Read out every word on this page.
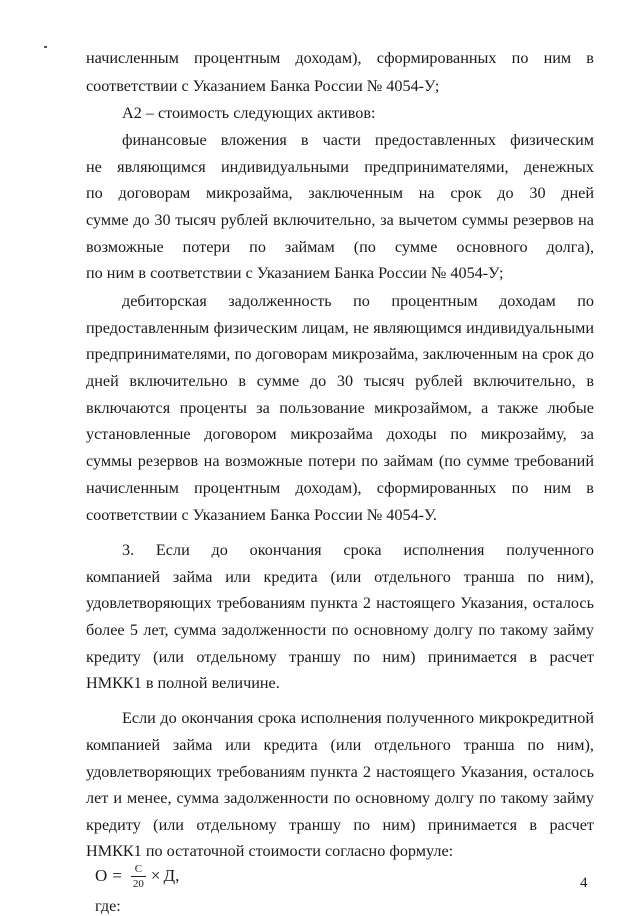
начисленным процентным доходам), сформированных по ним в
соответствии с Указанием Банка России № 4054-У;
А2 – стоимость следующих активов:
финансовые вложения в части предоставленных физическим
не являющимся индивидуальными предпринимателями, денежных
по договорам микрозайма, заключенным на срок до 30 дней
сумме до 30 тысяч рублей включительно, за вычетом суммы резервов на
возможные потери по займам (по сумме основного долга),
по ним в соответствии с Указанием Банка России № 4054-У;
дебиторская задолженность по процентным доходам по
предоставленным физическим лицам, не являющимся индивидуальными
предпринимателями, по договорам микрозайма, заключенным на срок до
дней включительно в сумме до 30 тысяч рублей включительно, в
включаются проценты за пользование микрозаймом, а также любые
установленные договором микрозайма доходы по микрозайму, за
суммы резервов на возможные потери по займам (по сумме требований
начисленным процентным доходам), сформированных по ним в
соответствии с Указанием Банка России № 4054-У.
3. Если до окончания срока исполнения полученного
компанией займа или кредита (или отдельного транша по ним),
удовлетворяющих требованиям пункта 2 настоящего Указания, осталось
более 5 лет, сумма задолженности по основному долгу по такому займу
кредиту (или отдельному траншу по ним) принимается в расчет
НМКК1 в полной величине.
Если до окончания срока исполнения полученного микрокредитной
компанией займа или кредита (или отдельного транша по ним),
удовлетворяющих требованиям пункта 2 настоящего Указания, осталось
лет и менее, сумма задолженности по основному долгу по такому займу
кредиту (или отдельному траншу по ним) принимается в расчет
НМКК1 по остаточной стоимости согласно формуле:
$О = \frac{С}{20} \times Д$,
где:
4
